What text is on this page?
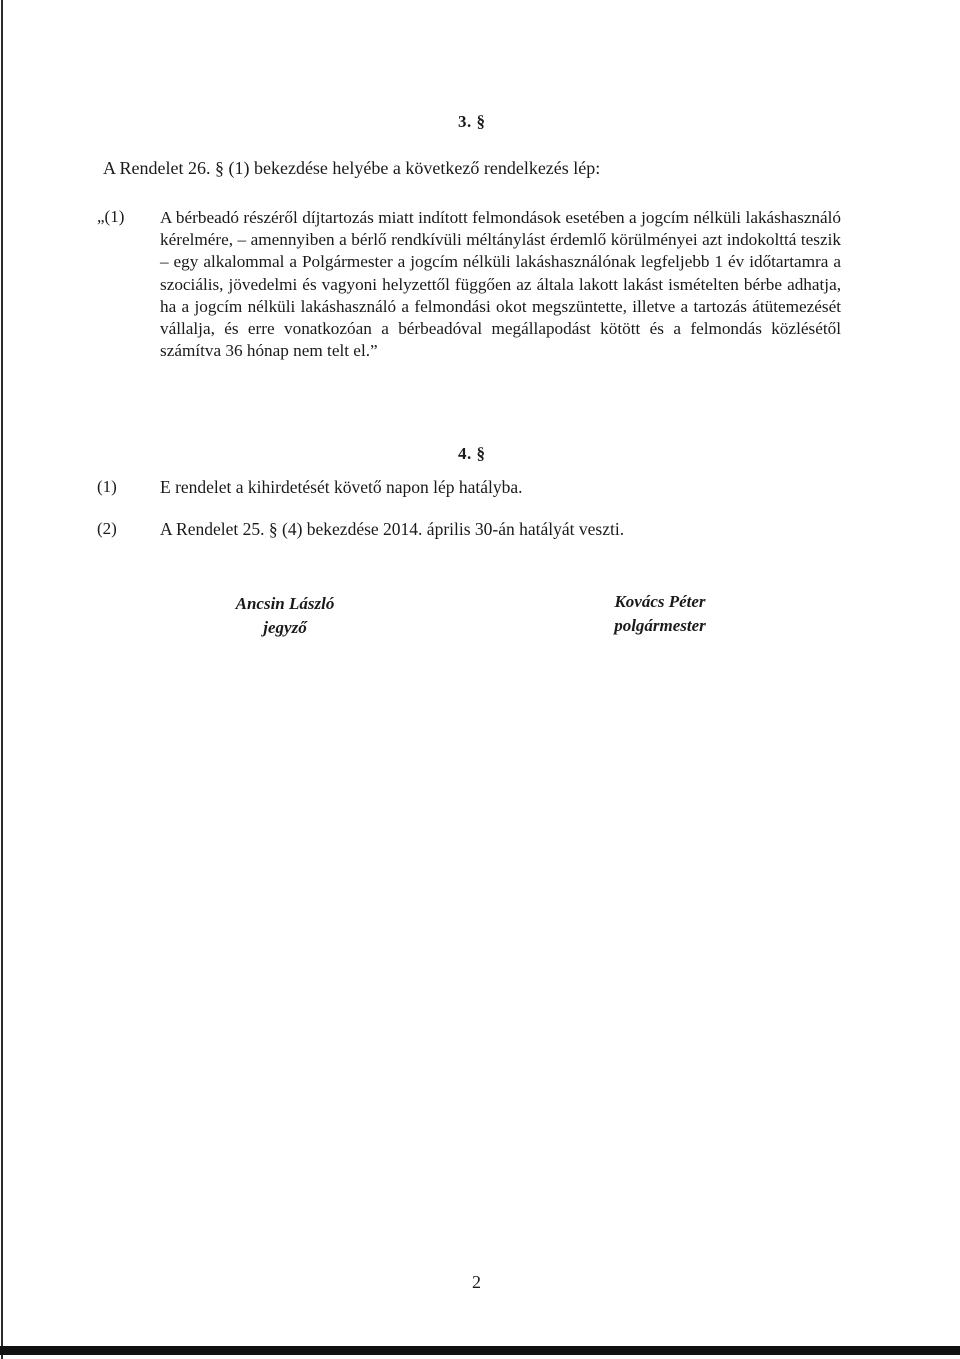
3. §
A Rendelet 26. § (1) bekezdése helyébe a következő rendelkezés lép:
„(1) A bérbeadó részéről díjtartozás miatt indított felmondások esetében a jogcím nélküli lakáshasználó kérelmére, – amennyiben a bérlő rendkívüli méltánylást érdemlő körülményei azt indokolttá teszik – egy alkalommal a Polgármester a jogcím nélküli lakáshasználónak legfeljebb 1 év időtartamra a szociális, jövedelmi és vagyoni helyzettől függően az általa lakott lakást ismételten bérbe adhatja, ha a jogcím nélküli lakáshasználó a felmondási okot megszüntette, illetve a tartozás átütemezését vállalja, és erre vonatkozóan a bérbeadóval megállapodást kötött és a felmondás közlésétől számítva 36 hónap nem telt el.”

4. §
(1) E rendelet a kihirdetését követő napon lép hatályba.
(2) A Rendelet 25. § (4) bekezdése 2014. április 30-án hatályát veszti.
Ancsin László
jegyző
Kovács Péter
polgármester
2
